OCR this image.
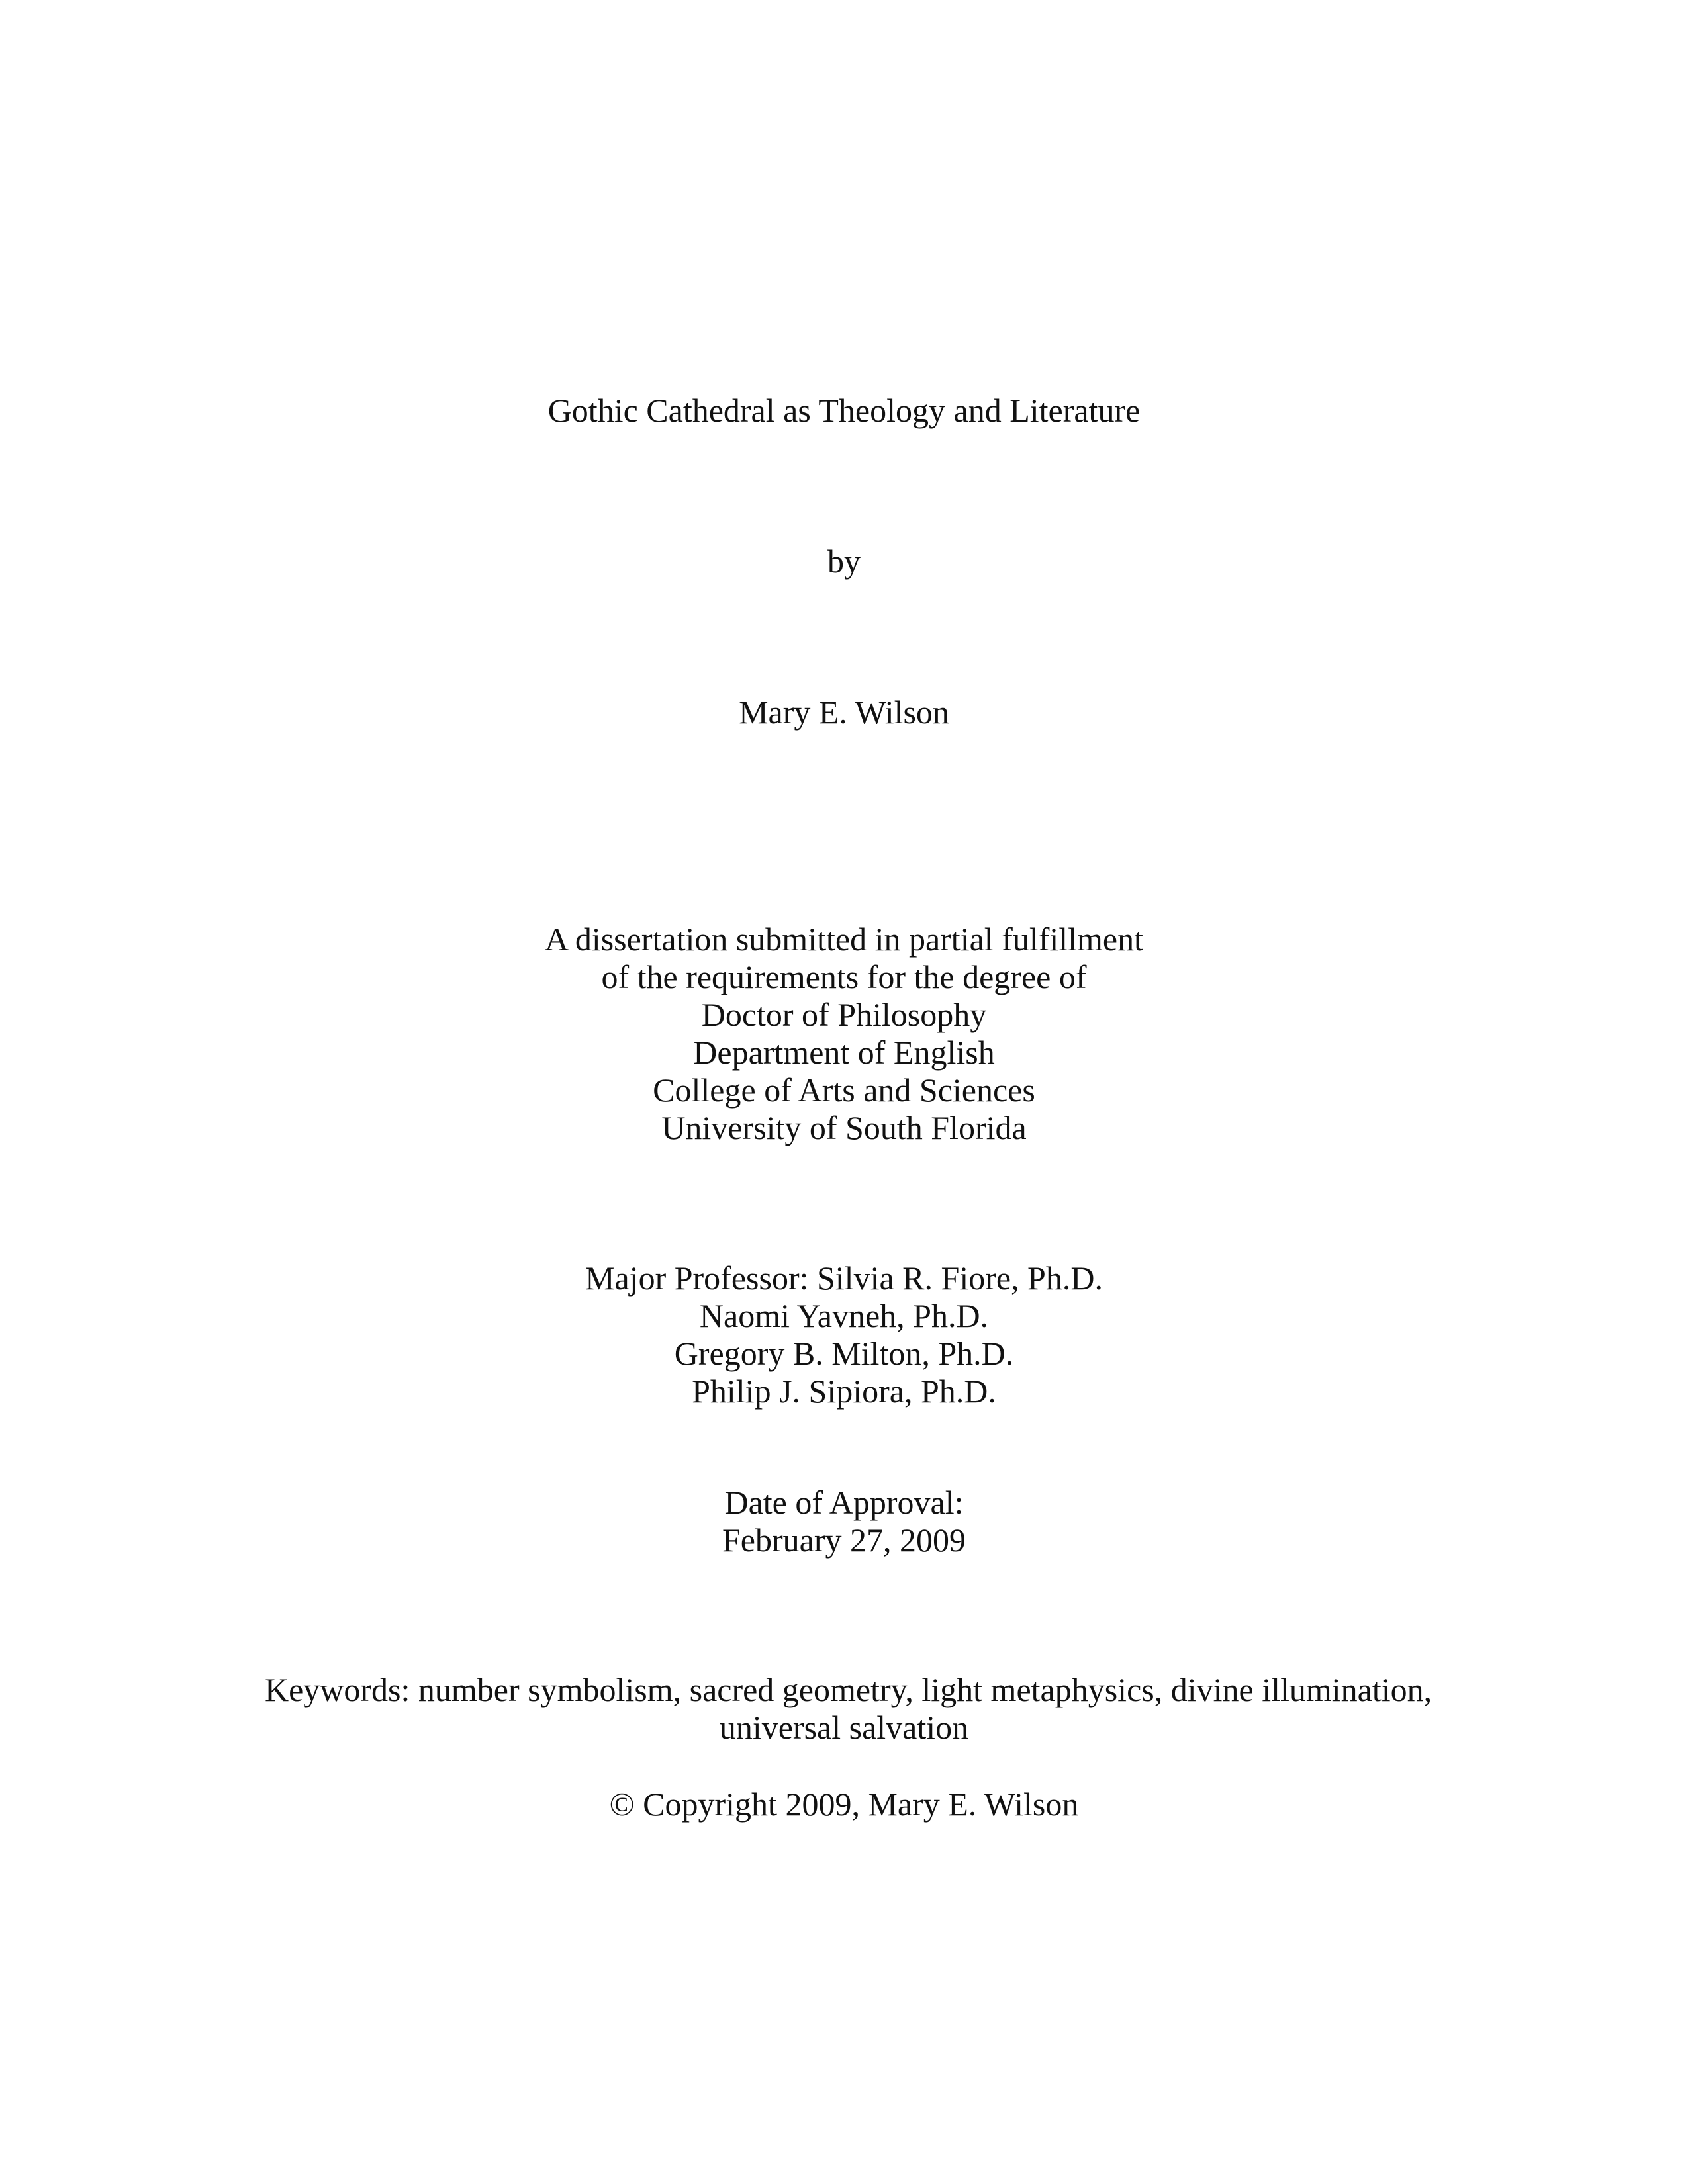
Gothic Cathedral as Theology and Literature
by
Mary E. Wilson
A dissertation submitted in partial fulfillment
of the requirements for the degree of
Doctor of Philosophy
Department of English
College of Arts and Sciences
University of South Florida
Major Professor: Silvia R. Fiore, Ph.D.
Naomi Yavneh, Ph.D.
Gregory B. Milton, Ph.D.
Philip J. Sipiora, Ph.D.
Date of Approval:
February 27, 2009
Keywords: number symbolism, sacred geometry, light metaphysics, divine illumination,
universal salvation
© Copyright 2009, Mary E. Wilson
